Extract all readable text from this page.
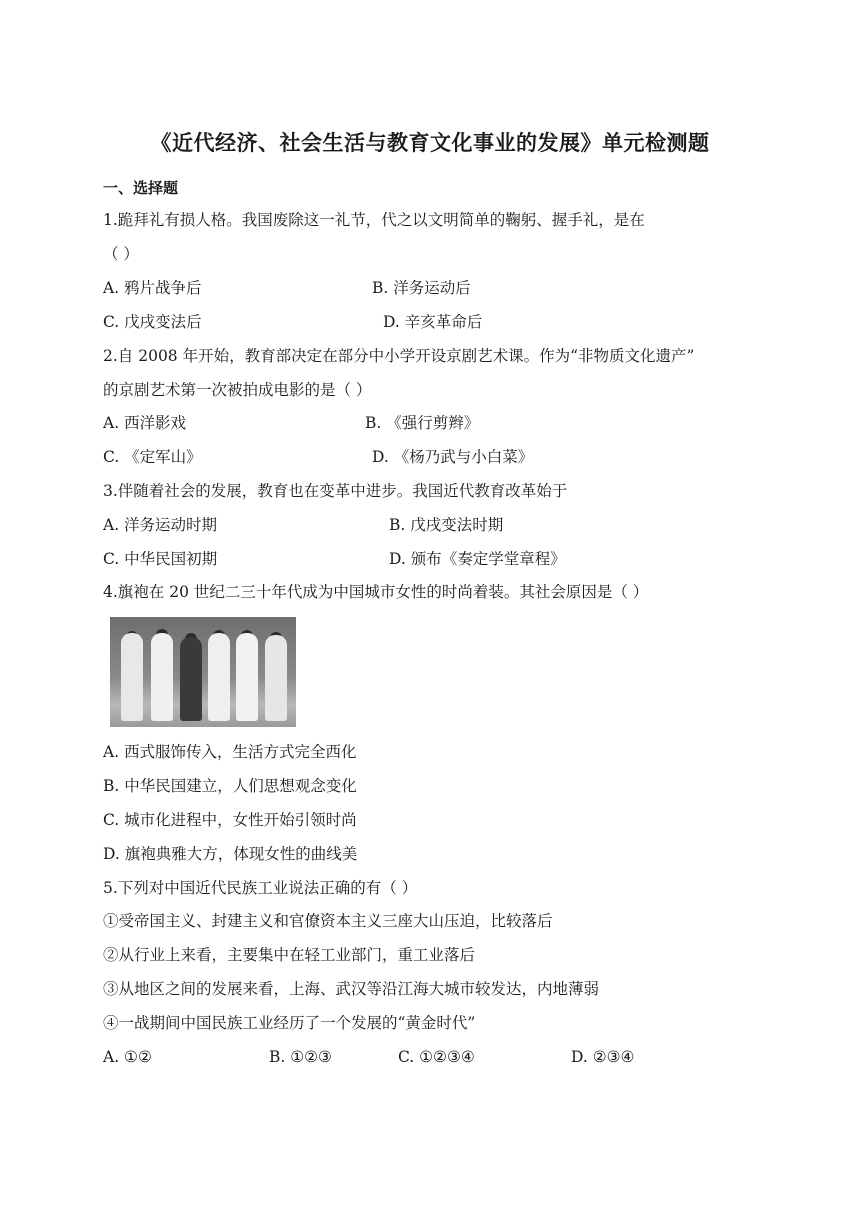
《近代经济、社会生活与教育文化事业的发展》单元检测题
一、选择题
1.跪拜礼有损人格。我国废除这一礼节，代之以文明简单的鞠躬、握手礼，是在
（ ）
A. 鸦片战争后	B. 洋务运动后
C. 戊戌变法后	D. 辛亥革命后
2.自 2008 年开始，教育部决定在部分中小学开设京剧艺术课。作为“非物质文化遗产”
的京剧艺术第一次被拍成电影的是（ ）
A. 西洋影戏	B. 《强行剪辫》
C. 《定军山》	D. 《杨乃武与小白菜》
3.伴随着社会的发展，教育也在变革中进步。我国近代教育改革始于
A. 洋务运动时期	B. 戊戌变法时期
C. 中华民国初期	D. 颁布《奏定学堂章程》
4.旗袍在 20 世纪二三十年代成为中国城市女性的时尚着装。其社会原因是（ ）
A. 西式服饰传入，生活方式完全西化
B. 中华民国建立，人们思想观念变化
C. 城市化进程中，女性开始引领时尚
D. 旗袍典雅大方，体现女性的曲线美
5.下列对中国近代民族工业说法正确的有（ ）
①受帝国主义、封建主义和官僚资本主义三座大山压迫，比较落后
②从行业上来看，主要集中在轻工业部门，重工业落后
③从地区之间的发展来看，上海、武汉等沿江海大城市较发达，内地薄弱
④一战期间中国民族工业经历了一个发展的“黄金时代”
A. ①②	B. ①②③	C. ①②③④	D. ②③④
